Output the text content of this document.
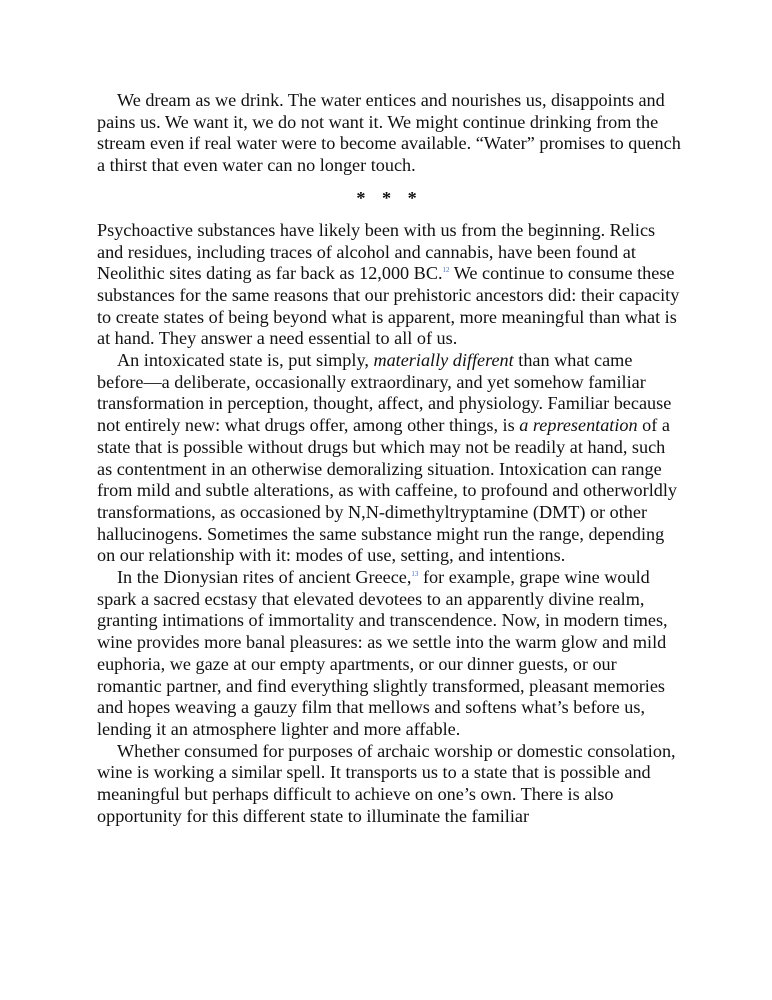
We dream as we drink. The water entices and nourishes us, disappoints and pains us. We want it, we do not want it. We might continue drinking from the stream even if real water were to become available. “Water” promises to quench a thirst that even water can no longer touch.

* * *

Psychoactive substances have likely been with us from the beginning. Relics and residues, including traces of alcohol and cannabis, have been found at Neolithic sites dating as far back as 12,000 BC.$^{12}$ We continue to consume these substances for the same reasons that our prehistoric ancestors did: their capacity to create states of being beyond what is apparent, more meaningful than what is at hand. They answer a need essential to all of us.

An intoxicated state is, put simply, materially different than what came before—a deliberate, occasionally extraordinary, and yet somehow familiar transformation in perception, thought, affect, and physiology. Familiar because not entirely new: what drugs offer, among other things, is a representation of a state that is possible without drugs but which may not be readily at hand, such as contentment in an otherwise demoralizing situation. Intoxication can range from mild and subtle alterations, as with caffeine, to profound and otherworldly transformations, as occasioned by N,N-dimethyltryptamine (DMT) or other hallucinogens. Sometimes the same substance might run the range, depending on our relationship with it: modes of use, setting, and intentions.

In the Dionysian rites of ancient Greece,$^{13}$ for example, grape wine would spark a sacred ecstasy that elevated devotees to an apparently divine realm, granting intimations of immortality and transcendence. Now, in modern times, wine provides more banal pleasures: as we settle into the warm glow and mild euphoria, we gaze at our empty apartments, or our dinner guests, or our romantic partner, and find everything slightly transformed, pleasant memories and hopes weaving a gauzy film that mellows and softens what’s before us, lending it an atmosphere lighter and more affable.

Whether consumed for purposes of archaic worship or domestic consolation, wine is working a similar spell. It transports us to a state that is possible and meaningful but perhaps difficult to achieve on one’s own. There is also opportunity for this different state to illuminate the familiar
